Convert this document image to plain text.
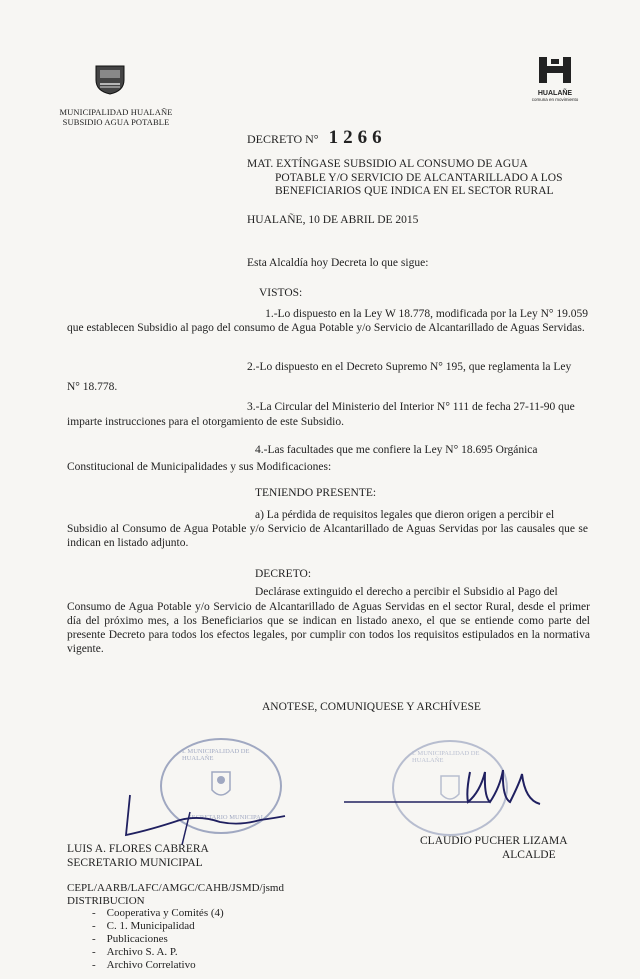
MUNICIPALIDAD HUALAÑE
SUBSIDIO AGUA POTABLE
HUALAÑE
comuna en movimiento
DECRETO N° 1266
MAT. EXTÍNGASE SUBSIDIO AL CONSUMO DE AGUA
POTABLE Y/O SERVICIO DE ALCANTARILLADO A LOS
BENEFICIARIOS QUE INDICA EN EL SECTOR RURAL
HUALAÑE, 10 DE ABRIL DE 2015
Esta Alcaldía hoy Decreta lo que sigue:
VISTOS:
1.-Lo dispuesto en la Ley W 18.778, modificada por la Ley N° 19.059
que establecen Subsidio al pago del consumo de Agua Potable y/o Servicio de Alcantarillado de Aguas Servidas.
2.-Lo dispuesto en el Decreto Supremo N° 195, que reglamenta la Ley
N° 18.778.
3.-La Circular del Ministerio del Interior N° 111 de fecha 27-11-90 que
imparte instrucciones para el otorgamiento de este Subsidio.
4.-Las facultades que me confiere la Ley N° 18.695 Orgánica
Constitucional de Municipalidades y sus Modificaciones:
TENIENDO PRESENTE:
a) La pérdida de requisitos legales que dieron origen a percibir el
Subsidio al Consumo de Agua Potable y/o Servicio de Alcantarillado de Aguas Servidas por las causales que se indican en listado adjunto.
DECRETO:
Declárase extinguido el derecho a percibir el Subsidio al Pago del
Consumo de Agua Potable y/o Servicio de Alcantarillado de Aguas Servidas en el sector Rural, desde el primer día del próximo mes, a los Beneficiarios que se indican en listado anexo, el que se entiende como parte del presente Decreto para todos los efectos legales, por cumplir con todos los requisitos estipulados en la normativa vigente.
ANOTESE, COMUNIQUESE Y ARCHÍVESE
I. MUNICIPALIDAD DE HUALAÑE
SECRETARIO MUNICIPAL
I. MUNICIPALIDAD DE HUALAÑE
LUIS A. FLORES CABRERA
SECRETARIO MUNICIPAL
CLAUDIO PUCHER LIZAMA
ALCALDE
CEPL/AARB/LAFC/AMGC/CAHB/JSMD/jsmd
DISTRIBUCION
-    Cooperativa y Comités (4)
-    C. 1. Municipalidad
-    Publicaciones
-    Archivo S. A. P.
-    Archivo Correlativo
